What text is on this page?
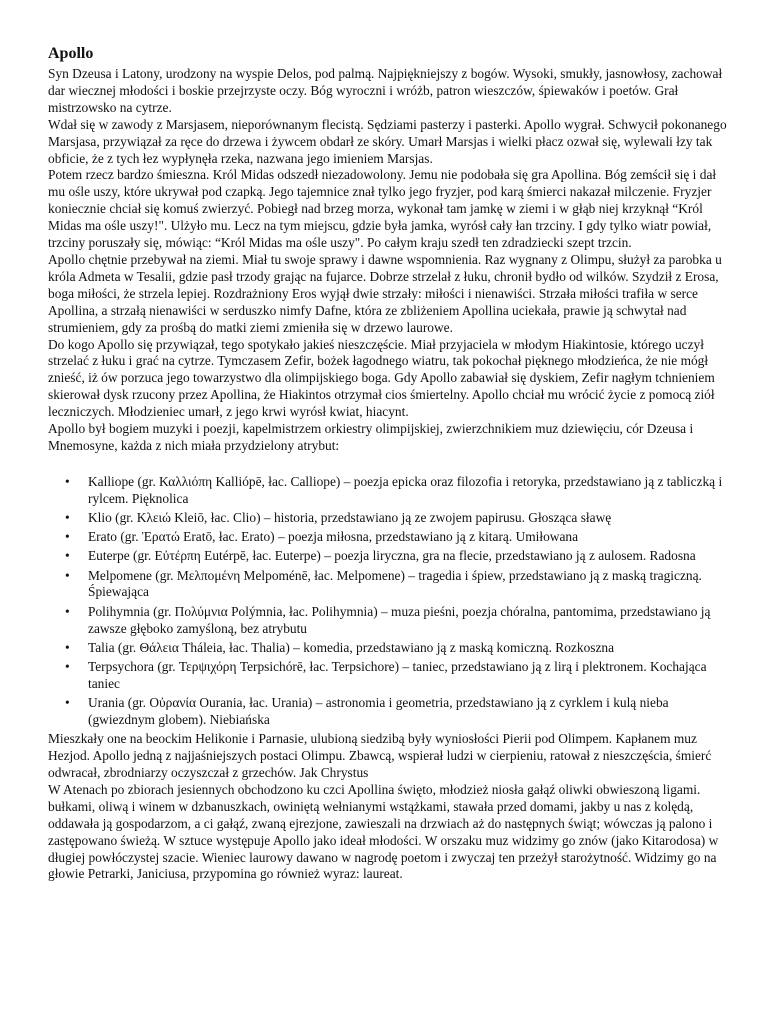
Apollo

Syn Dzeusa i Latony, urodzony na wyspie Delos, pod palmą. Najpiękniejszy z bogów. Wysoki, smukły, jasnowłosy, zachował dar wiecznej młodości i boskie przejrzyste oczy. Bóg wyroczni i wróżb, patron wieszczów, śpiewaków i poetów. Grał mistrzowsko na cytrze.

Wdał się w zawody z Marsjasem, nieporównanym flecistą. Sędziami pasterzy i pasterki. Apollo wygrał. Schwycił pokonanego Marsjasa, przywiązał za ręce do drzewa i żywcem obdarł ze skóry. Umarł Marsjas i wielki płacz ozwał się, wylewali łzy tak obficie, że z tych łez wypłynęła rzeka, nazwana jego imieniem Marsjas.

Potem rzecz bardzo śmieszna. Król Midas odszedł niezadowolony. Jemu nie podobała się gra Apollina. Bóg zemścił się i dał mu ośle uszy, które ukrywał pod czapką. Jego tajemnice znał tylko jego fryzjer, pod karą śmierci nakazał milczenie. Fryzjer koniecznie chciał się komuś zwierzyć. Pobiegł nad brzeg morza, wykonał tam jamkę w ziemi i w głąb niej krzyknął “Król Midas ma ośle uszy!". Ulżyło mu. Lecz na tym miejscu, gdzie była jamka, wyrósł cały łan trzciny. I gdy tylko wiatr powiał, trzciny poruszały się, mówiąc: “Król Midas ma ośle uszy". Po całym kraju szedł ten zdradziecki szept trzcin.

Apollo chętnie przebywał na ziemi. Miał tu swoje sprawy i dawne wspomnienia. Raz wygnany z Olimpu, służył za parobka u króla Admeta w Tesalii, gdzie pasł trzody grając na fujarce. Dobrze strzelał z łuku, chronił bydło od wilków. Szydził z Erosa, boga miłości, że strzela lepiej. Rozdrażniony Eros wyjął dwie strzały: miłości i nienawiści. Strzała miłości trafiła w serce Apollina, a strzałą nienawiści w serduszko nimfy Dafne, która ze zbliżeniem Apollina uciekała, prawie ją schwytał nad strumieniem, gdy za prośbą do matki ziemi zmieniła się w drzewo laurowe.

Do kogo Apollo się przywiązał, tego spotykało jakieś nieszczęście. Miał przyjaciela w młodym Hiakintosie, którego uczył strzelać z łuku i grać na cytrze. Tymczasem Zefir, bożek łagodnego wiatru, tak pokochał pięknego młodzieńca, że nie mógł znieść, iż ów porzuca jego towarzystwo dla olimpijskiego boga. Gdy Apollo zabawiał się dyskiem, Zefir nagłym tchnieniem skierował dysk rzucony przez Apollina, że Hiakintos otrzymał cios śmiertelny. Apollo chciał mu wrócić życie z pomocą ziół leczniczych. Młodzieniec umarł, z jego krwi wyrósł kwiat, hiacynt.

Apollo był bogiem muzyki i poezji, kapelmistrzem orkiestry olimpijskiej, zwierzchnikiem muz dziewięciu, cór Dzeusa i Mnemosyne, każda z nich miała przydzielony atrybut:

• Kalliope (gr. Καλλιόπη Kalliópē, łac. Calliope) – poezja epicka oraz filozofia i retoryka, przedstawiano ją z tabliczką i rylcem. Pięknolica
• Klio (gr. Κλειώ Kleiō, łac. Clio) – historia, przedstawiano ją ze zwojem papirusu. Głosząca sławę
• Erato (gr. Ἐρατώ Eratō, łac. Erato) – poezja miłosna, przedstawiano ją z kitarą. Umiłowana
• Euterpe (gr. Εὐτέρπη Eutérpē, łac. Euterpe) – poezja liryczna, gra na flecie, przedstawiano ją z aulosem. Radosna
• Melpomene (gr. Μελπομένη Melpoménē, łac. Melpomene) – tragedia i śpiew, przedstawiano ją z maską tragiczną. Śpiewająca
• Polihymnia (gr. Πολύμνια Polýmnia, łac. Polihymnia) – muza pieśni, poezja chóralna, pantomima, przedstawiano ją zawsze głęboko zamyśloną, bez atrybutu
• Talia (gr. Θάλεια Tháleia, łac. Thalia) – komedia, przedstawiano ją z maską komiczną. Rozkoszna
• Terpsychora (gr. Τερψιχόρη Terpsichórē, łac. Terpsichore) – taniec, przedstawiano ją z lirą i plektronem. Kochająca taniec
• Urania (gr. Οὐρανία Ourania, łac. Urania) – astronomia i geometria, przedstawiano ją z cyrklem i kulą nieba (gwiezdnym globem). Niebiańska

Mieszkały one na beockim Helikonie i Parnasie, ulubioną siedzibą były wyniosłości Pierii pod Olimpem. Kapłanem muz Hezjod. Apollo jedną z najjaśniejszych postaci Olimpu. Zbawcą, wspierał ludzi w cierpieniu, ratował z nieszczęścia, śmierć odwracał, zbrodniarzy oczyszczał z grzechów. Jak Chrystus

W Atenach po zbiorach jesiennych obchodzono ku czci Apollina święto, młodzież niosła gałąź oliwki obwieszoną ligami. bułkami, oliwą i winem w dzbanuszkach, owiniętą wełnianymi wstążkami, stawała przed domami, jakby u nas z kolędą, oddawała ją gospodarzom, a ci gałąź, zwaną ejrezjone, zawieszali na drzwiach aż do następnych świąt; wówczas ją palono i zastępowano świeżą. W sztuce występuje Apollo jako ideał młodości. W orszaku muz widzimy go znów (jako Kitarodosa) w długiej powłóczystej szacie. Wieniec laurowy dawano w nagrodę poetom i zwyczaj ten przeżył starożytność. Widzimy go na głowie Petrarki, Janiciusa, przypomina go również wyraz: laureat.
